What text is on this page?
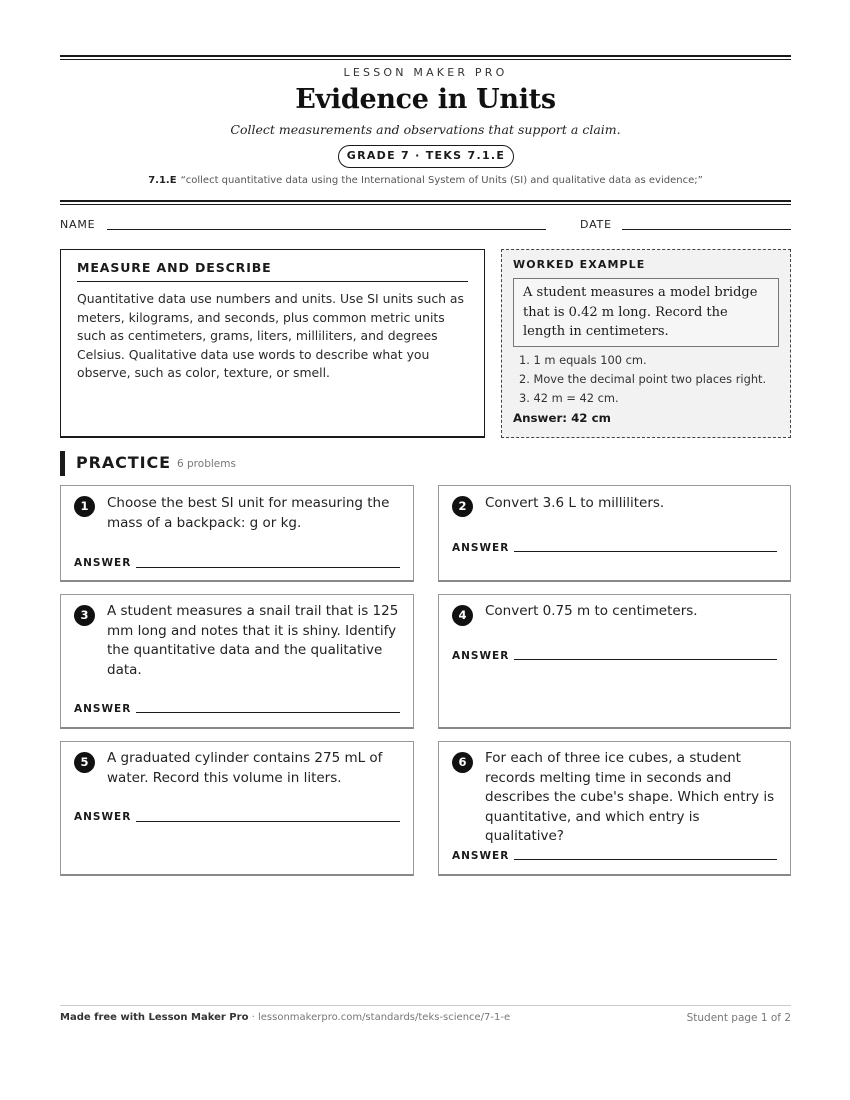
LESSON MAKER PRO
Evidence in Units
Collect measurements and observations that support a claim.
GRADE 7 · TEKS 7.1.E
7.1.E “collect quantitative data using the International System of Units (SI) and qualitative data as evidence;”
NAME	DATE
MEASURE AND DESCRIBE
Quantitative data use numbers and units. Use SI units such as meters, kilograms, and seconds, plus common metric units such as centimeters, grams, liters, milliliters, and degrees Celsius. Qualitative data use words to describe what you observe, such as color, texture, or smell.
WORKED EXAMPLE
A student measures a model bridge that is 0.42 m long. Record the length in centimeters.
1. 1 m equals 100 cm.
2. Move the decimal point two places right.
3. 42 m = 42 cm.
Answer: 42 cm
PRACTICE 6 problems
1	Choose the best SI unit for measuring the mass of a backpack: g or kg.
ANSWER
2	Convert 3.6 L to milliliters.
ANSWER
3	A student measures a snail trail that is 125 mm long and notes that it is shiny. Identify the quantitative data and the qualitative data.
ANSWER
4	Convert 0.75 m to centimeters.
ANSWER
5	A graduated cylinder contains 275 mL of water. Record this volume in liters.
ANSWER
6	For each of three ice cubes, a student records melting time in seconds and describes the cube's shape. Which entry is quantitative, and which entry is qualitative?
ANSWER
Made free with Lesson Maker Pro · lessonmakerpro.com/standards/teks-science/7-1-e	Student page 1 of 2
